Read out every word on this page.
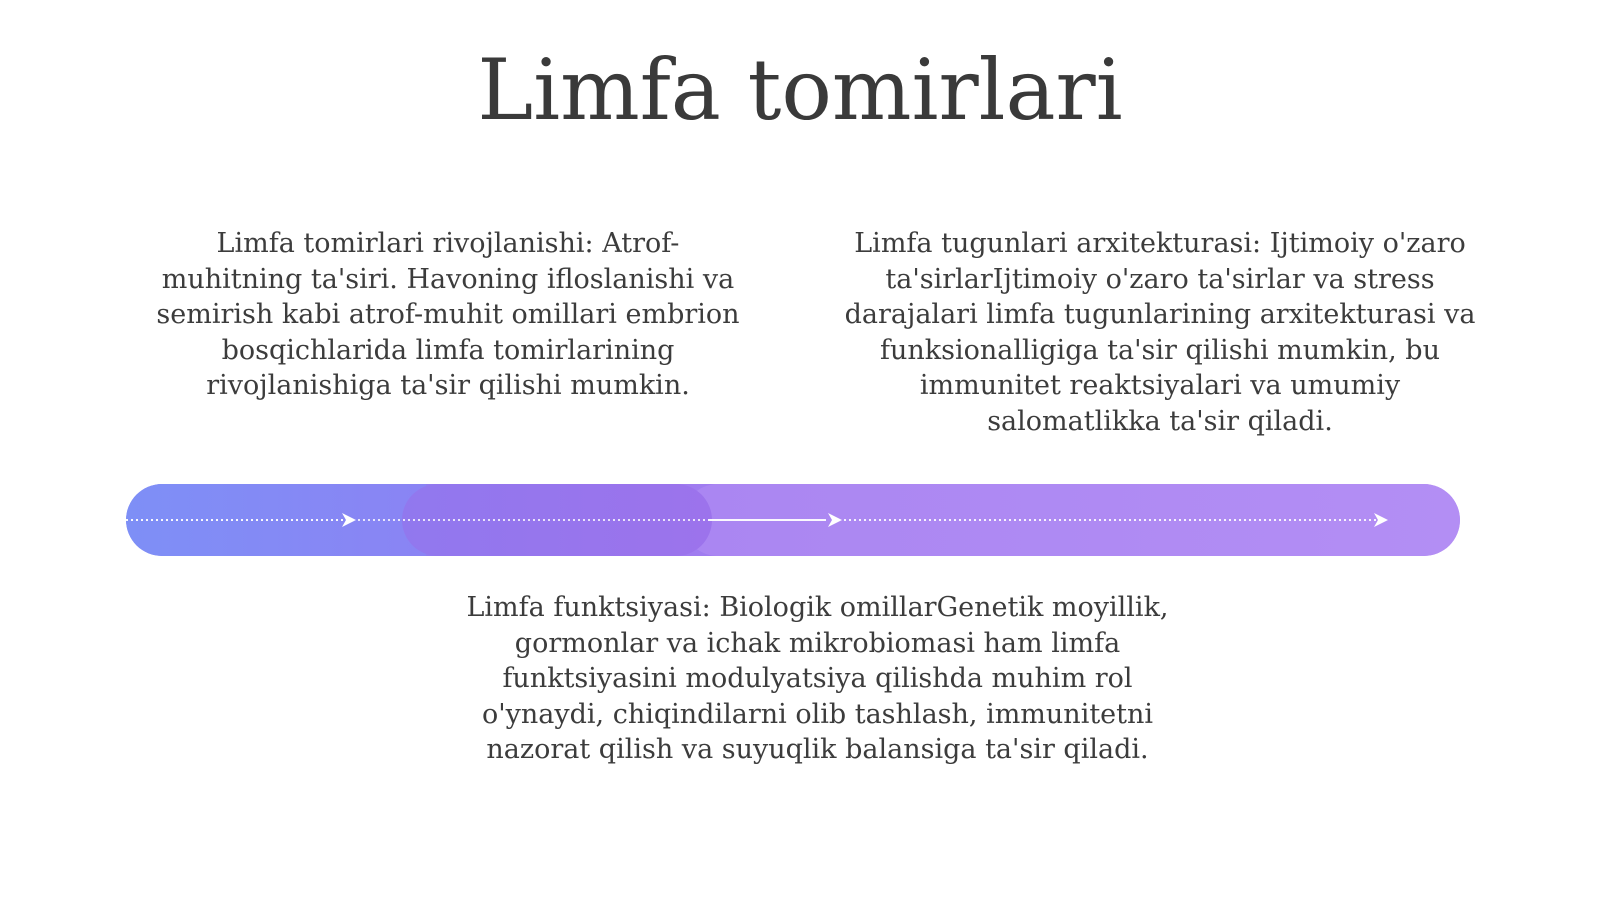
Limfa tomirlari

Limfa tomirlari rivojlanishi: Atrof-muhitning ta'siri. Havoning ifloslanishi va semirish kabi atrof-muhit omillari embrion bosqichlarida limfa tomirlarining rivojlanishiga ta'sir qilishi mumkin.

Limfa tugunlari arxitekturasi: Ijtimoiy o'zaro ta'sirlarIjtimoiy o'zaro ta'sirlar va stress darajalari limfa tugunlarining arxitekturasi va funksionalligiga ta'sir qilishi mumkin, bu immunitet reaktsiyalari va umumiy salomatlikka ta'sir qiladi.

Limfa funktsiyasi: Biologik omillarGenetik moyillik, gormonlar va ichak mikrobiomasi ham limfa funktsiyasini modulyatsiya qilishda muhim rol o'ynaydi, chiqindilarni olib tashlash, immunitetni nazorat qilish va suyuqlik balansiga ta'sir qiladi.
